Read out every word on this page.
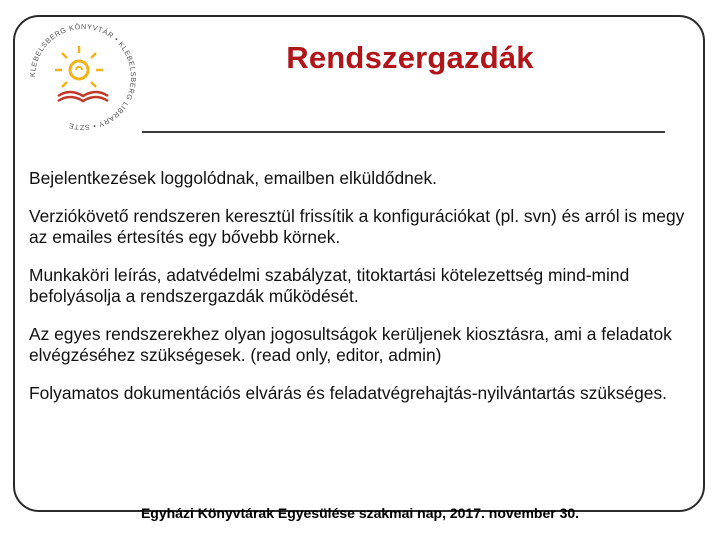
KLEBELSBERG KÖNYVTÁR • KLEBELSBERG LIBRARY • SZTE
Rendszergazdák
Bejelentkezések loggolódnak, emailben elküldődnek.
Verziókövető rendszeren keresztül frissítik a konfigurációkat (pl. svn) és arról is megy az emailes értesítés egy bővebb körnek.
Munkaköri leírás, adatvédelmi szabályzat, titoktartási kötelezettség mind-mind befolyásolja a rendszergazdák működését.
Az egyes rendszerekhez olyan jogosultságok kerüljenek kiosztásra, ami a feladatok elvégzéséhez szükségesek. (read only, editor, admin)
Folyamatos dokumentációs elvárás és feladatvégrehajtás-nyilvántartás szükséges.
Egyházi Könyvtárak Egyesülése szakmai nap, 2017. november 30.
